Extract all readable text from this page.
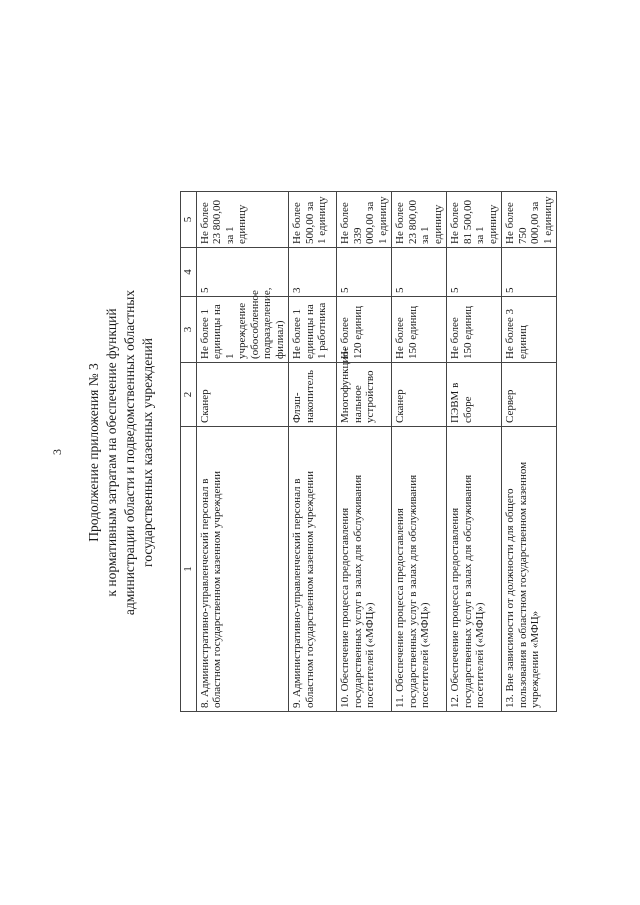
3 Продолжение приложения № 3 к нормативным затратам на обеспечение функций администрации области и подведомственных областных государственных казенных учреждений
1	2	3	4	5
8. Административно-управленческий персонал в областном государственном казенном учреждении	Сканер	Не более 1 единицы на 1 учреждение (обособленное подразделение, филиал)	5	Не более 23 800,00 за 1 единицу
9. Административно-управленческий персонал в областном государственном казенном учреждении	Флэш-накопитель	Не более 1 единицы на 1 работника	3	Не более 500,00 за 1 единицу
10. Обеспечение процесса предоставления государственных услуг в залах для обслуживания посетителей («МФЦ»)	Многофункцио-нальное устройство	Не более 120 единиц	5	Не более 339 000,00 за 1 единицу
11. Обеспечение процесса предоставления государственных услуг в залах для обслуживания посетителей («МФЦ»)	Сканер	Не более 150 единиц	5	Не более 23 800,00 за 1 единицу
12. Обеспечение процесса предоставления государственных услуг в залах для обслуживания посетителей («МФЦ»)	ПЭВМ в сборе	Не более 150 единиц	5	Не более 81 500,00 за 1 единицу
13. Вне зависимости от должности для общего пользования в областном государственном казенном учреждении «МФЦ»	Сервер	Не более 3 единиц	5	Не более 750 000,00 за 1 единицу
